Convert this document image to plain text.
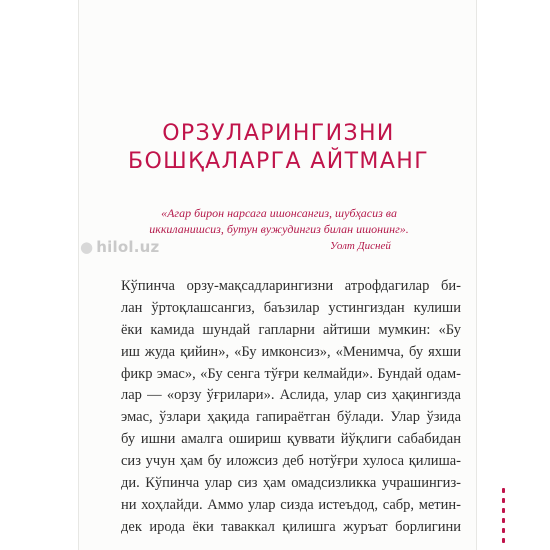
ОРЗУЛАРИНГИЗНИ
БОШҚАЛАРГА АЙТМАНГ
«Агар бирон нарсага ишонсангиз, шубҳасиз ва
иккиланишсиз, бутун вужудингиз билан ишонинг».
Уолт Дисней
Кўпинча орзу-мақсадларингизни атрофдагилар би-
лан ўртоқлашсангиз, баъзилар устингиздан кулиши
ёки камида шундай гапларни айтиши мумкин: «Бу
иш жуда қийин», «Бу имконсиз», «Менимча, бу яхши
фикр эмас», «Бу сенга тўғри келмайди». Бундай одам-
лар — «орзу ўғрилари». Аслида, улар сиз ҳақингизда
эмас, ўзлари ҳақида гапираётган бўлади. Улар ўзида
бу ишни амалга ошириш қуввати йўқлиги сабабидан
сиз учун ҳам бу иложсиз деб нотўғри хулоса қилиша-
ди. Кўпинча улар сиз ҳам омадсизликка учрашингиз-
ни хоҳлайди. Аммо улар сизда истеъдод, сабр, метин-
дек ирода ёки таваккал қилишга журъат борлигини
● hilol.uz
